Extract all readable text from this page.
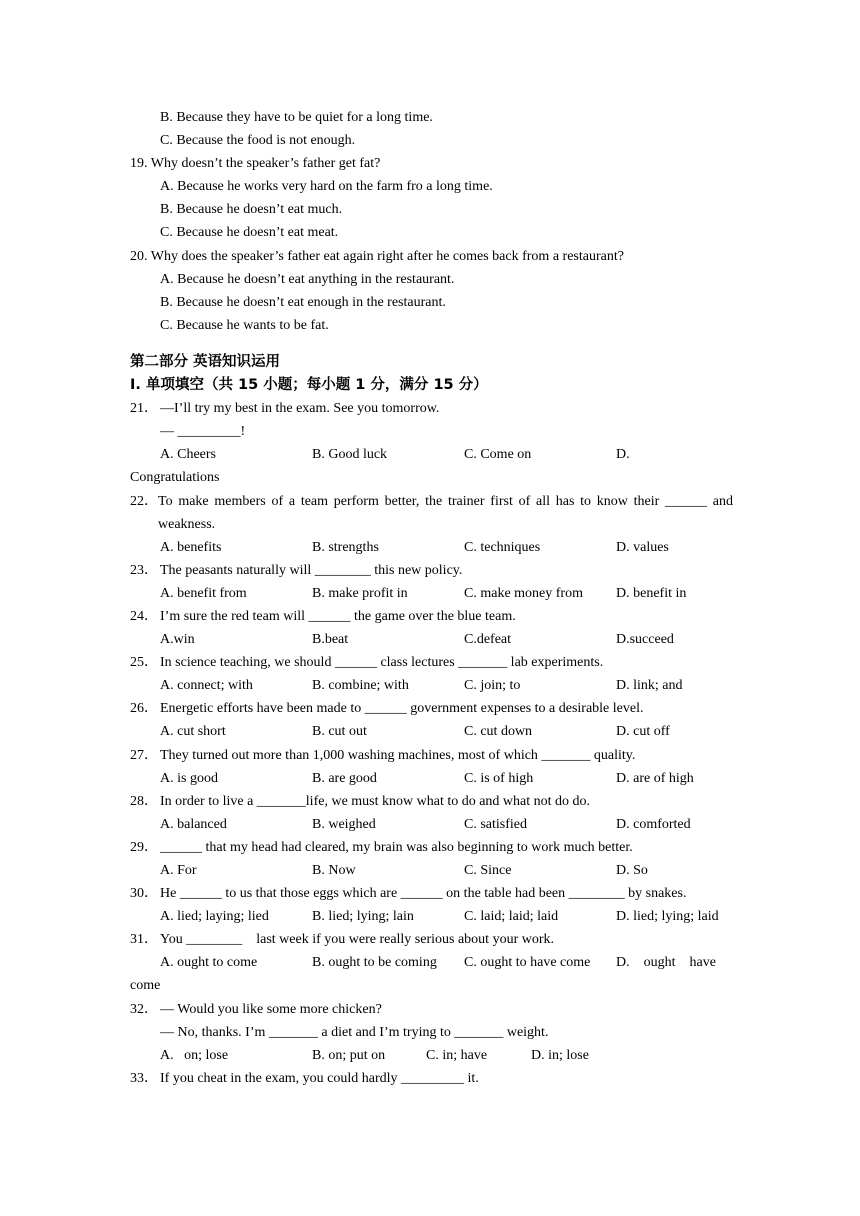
B. Because they have to be quiet for a long time.
C. Because the food is not enough.
19. Why doesn’t the speaker’s father get fat?
A. Because he works very hard on the farm fro a long time.
B. Because he doesn’t eat much.
C. Because he doesn’t eat meat.
20. Why does the speaker’s father eat again right after he comes back from a restaurant?
A. Because he doesn’t eat anything in the restaurant.
B. Because he doesn’t eat enough in the restaurant.
C. Because he wants to be fat.
第二部分 英语知识运用
Ⅰ. 单项填空（共 15 小题；每小题 1 分，满分 15 分）
21． —I’ll try my best in the exam. See you tomorrow.
— _________!
A. Cheers	B. Good luck	C. Come on	D.
Congratulations
22． To make members of a team perform better, the trainer first of all has to know their ______ and weakness.
A. benefits	B. strengths	C. techniques	D. values
23． The peasants naturally will ________ this new policy.
A. benefit from	B. make profit in	C. make money from	D. benefit in
24． I’m sure the red team will ______ the game over the blue team.
A.win	B.beat	C.defeat	D.succeed
25． In science teaching, we should ______ class lectures _______ lab experiments.
A. connect; with	B. combine; with	C. join; to	D. link; and
26． Energetic efforts have been made to ______ government expenses to a desirable level.
A. cut short	B. cut out	C. cut down	D. cut off
27． They turned out more than 1,000 washing machines, most of which _______ quality.
A. is good	B. are good	C. is of high	D. are of high
28． In order to live a _______life, we must know what to do and what not do do.
A. balanced	B. weighed	C. satisfied	D. comforted
29． ______ that my head had cleared, my brain was also beginning to work much better.
A. For	B. Now	C. Since	D. So
30． He ______ to us that those eggs which are ______ on the table had been ________ by snakes.
A. lied; laying; lied	B. lied; lying; lain	C. laid; laid; laid	D. lied; lying; laid
31． You ________    last week if you were really serious about your work.
A. ought to come	B. ought to be coming	C. ought to have come	D.    ought    have
come
32． — Would you like some more chicken?
— No, thanks. I’m _______ a diet and I’m trying to _______ weight.
A.   on; lose	B. on; put on	C. in; have	D. in; lose
33． If you cheat in the exam, you could hardly _________ it.
